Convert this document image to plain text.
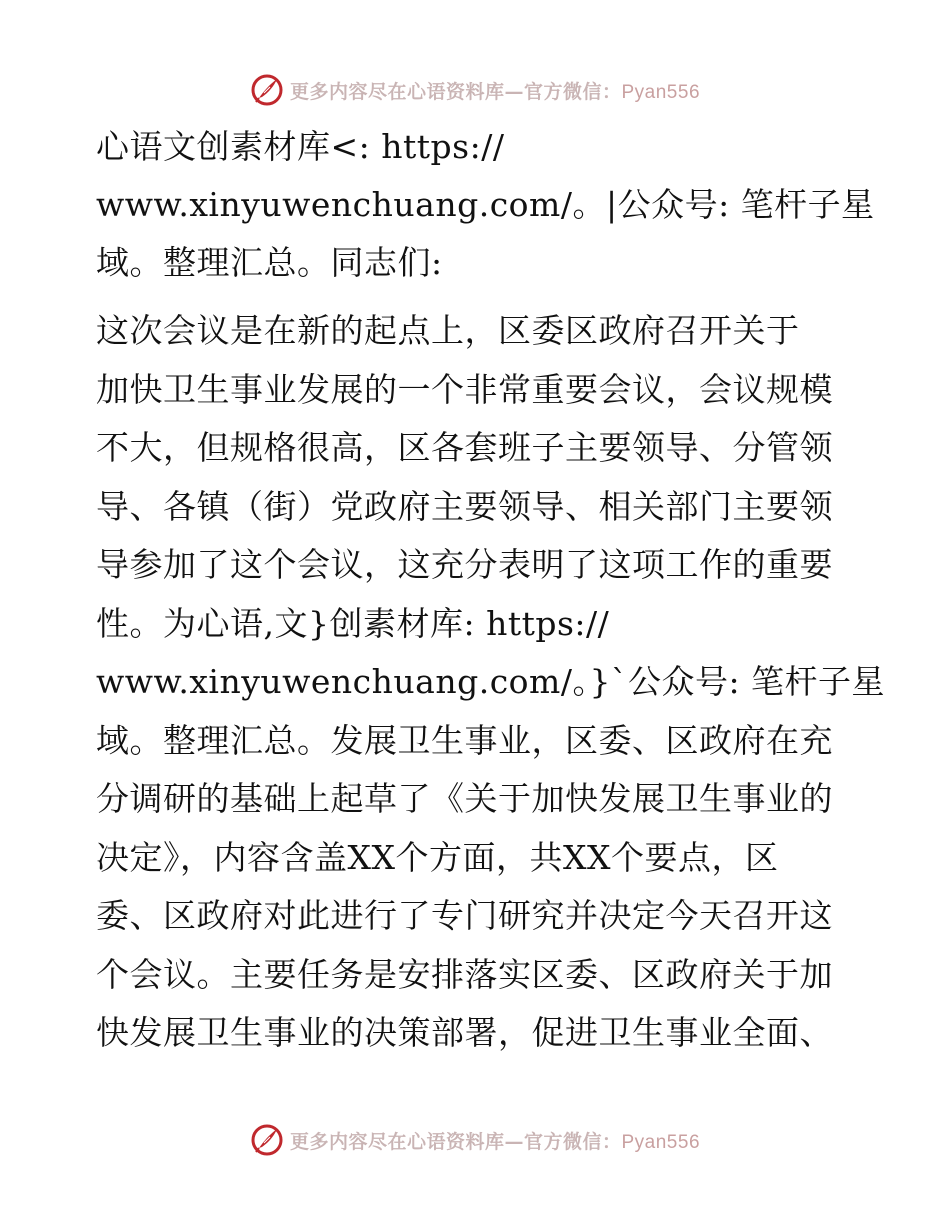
更多内容尽在心语资料库—官方微信：Pyan556
心语文创素材库<: https://
www.xinyuwenchuang.com/。|公众号: 笔杆子星
域。整理汇总。同志们:
这次会议是在新的起点上，区委区政府召开关于
加快卫生事业发展的一个非常重要会议，会议规模
不大，但规格很高，区各套班子主要领导、分管领
导、各镇（街）党政府主要领导、相关部门主要领
导参加了这个会议，这充分表明了这项工作的重要
性。为心语,文}创素材库: https://
www.xinyuwenchuang.com/。}`公众号: 笔杆子星
域。整理汇总。发展卫生事业，区委、区政府在充
分调研的基础上起草了《关于加快发展卫生事业的
决定》，内容含盖XX个方面，共XX个要点，区
委、区政府对此进行了专门研究并决定今天召开这
个会议。主要任务是安排落实区委、区政府关于加
快发展卫生事业的决策部署，促进卫生事业全面、
更多内容尽在心语资料库—官方微信：Pyan556
